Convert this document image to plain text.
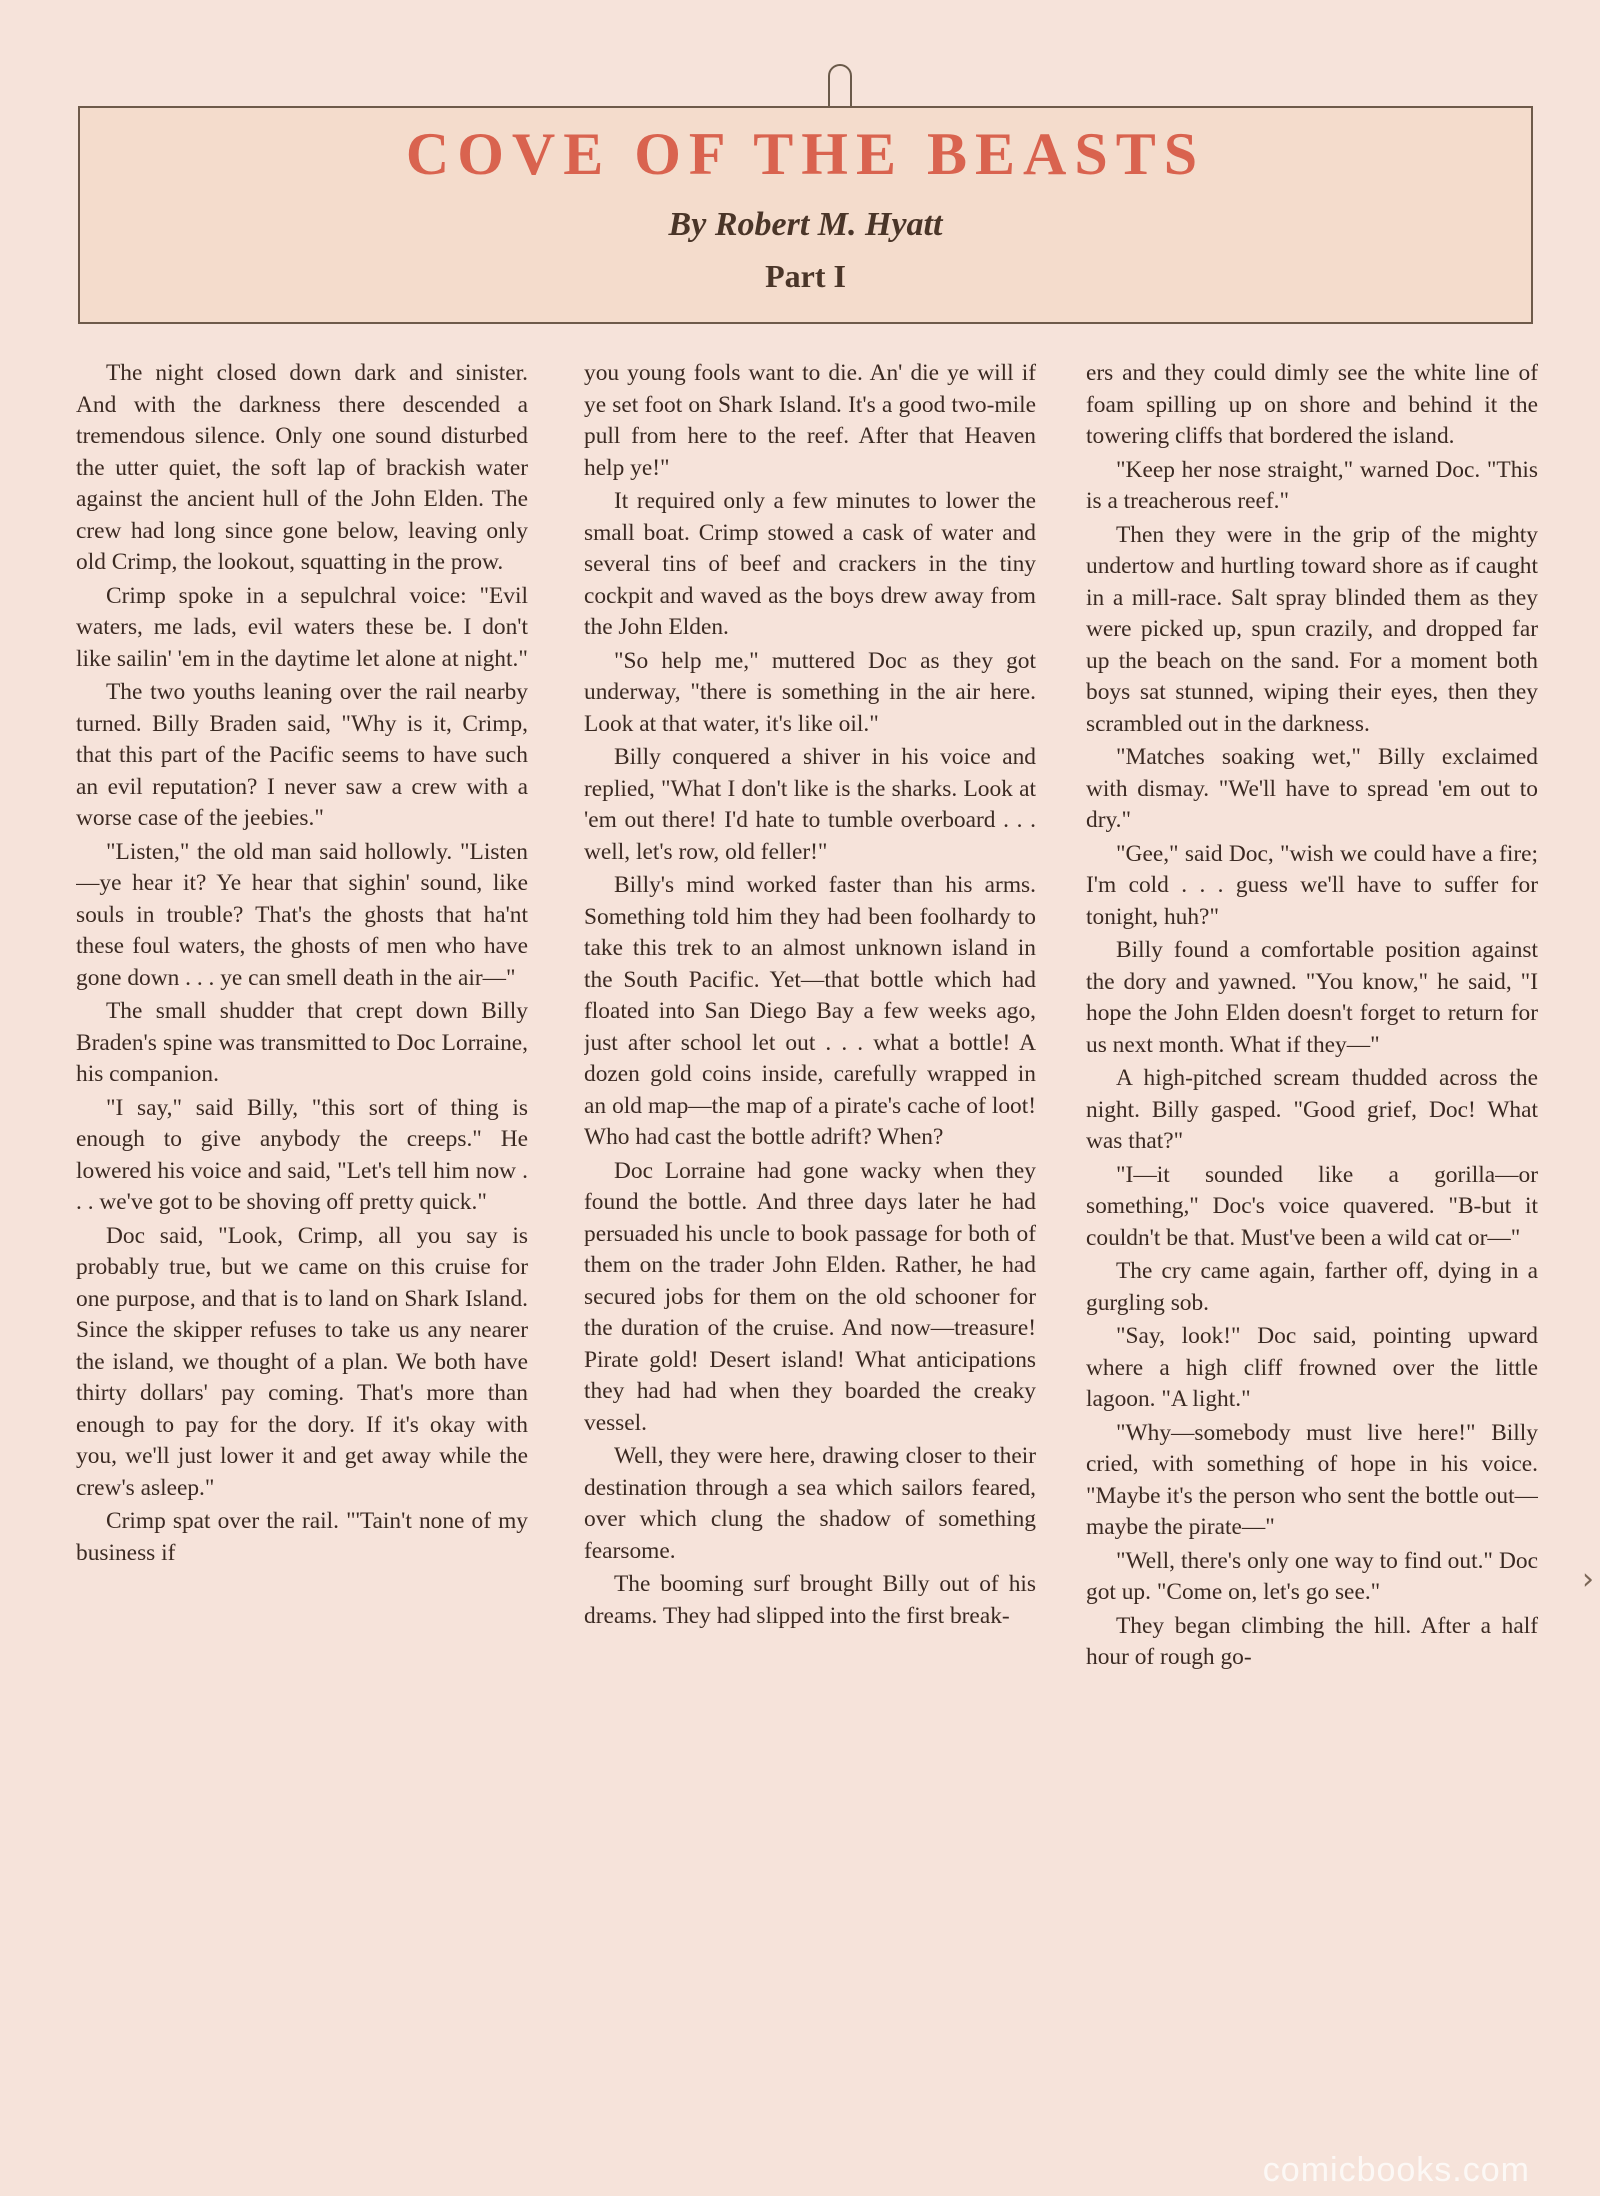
COVE OF THE BEASTS
By Robert M. Hyatt
Part I

The night closed down dark and sinister. And with the darkness there descended a tremendous silence. Only one sound disturbed the utter quiet, the soft lap of brackish water against the ancient hull of the John Elden. The crew had long since gone below, leaving only old Crimp, the lookout, squatting in the prow.

Crimp spoke in a sepulchral voice: "Evil waters, me lads, evil waters these be. I don't like sailin' 'em in the daytime let alone at night."

The two youths leaning over the rail nearby turned. Billy Braden said, "Why is it, Crimp, that this part of the Pacific seems to have such an evil reputation? I never saw a crew with a worse case of the jeebies."

"Listen," the old man said hollowly. "Listen—ye hear it? Ye hear that sighin' sound, like souls in trouble? That's the ghosts that ha'nt these foul waters, the ghosts of men who have gone down . . . ye can smell death in the air—"

The small shudder that crept down Billy Braden's spine was transmitted to Doc Lorraine, his companion.

"I say," said Billy, "this sort of thing is enough to give anybody the creeps." He lowered his voice and said, "Let's tell him now . . . we've got to be shoving off pretty quick."

Doc said, "Look, Crimp, all you say is probably true, but we came on this cruise for one purpose, and that is to land on Shark Island. Since the skipper refuses to take us any nearer the island, we thought of a plan. We both have thirty dollars' pay coming. That's more than enough to pay for the dory. If it's okay with you, we'll just lower it and get away while the crew's asleep."

Crimp spat over the rail. "'Tain't none of my business if

you young fools want to die. An' die ye will if ye set foot on Shark Island. It's a good two-mile pull from here to the reef. After that Heaven help ye!"

It required only a few minutes to lower the small boat. Crimp stowed a cask of water and several tins of beef and crackers in the tiny cockpit and waved as the boys drew away from the John Elden.

"So help me," muttered Doc as they got underway, "there is something in the air here. Look at that water, it's like oil."

Billy conquered a shiver in his voice and replied, "What I don't like is the sharks. Look at 'em out there! I'd hate to tumble overboard . . . well, let's row, old feller!"

Billy's mind worked faster than his arms. Something told him they had been foolhardy to take this trek to an almost unknown island in the South Pacific. Yet—that bottle which had floated into San Diego Bay a few weeks ago, just after school let out . . . what a bottle! A dozen gold coins inside, carefully wrapped in an old map—the map of a pirate's cache of loot! Who had cast the bottle adrift? When?

Doc Lorraine had gone wacky when they found the bottle. And three days later he had persuaded his uncle to book passage for both of them on the trader John Elden. Rather, he had secured jobs for them on the old schooner for the duration of the cruise. And now—treasure! Pirate gold! Desert island! What anticipations they had had when they boarded the creaky vessel.

Well, they were here, drawing closer to their destination through a sea which sailors feared, over which clung the shadow of something fearsome.

The booming surf brought Billy out of his dreams. They had slipped into the first break-

ers and they could dimly see the white line of foam spilling up on shore and behind it the towering cliffs that bordered the island.

"Keep her nose straight," warned Doc. "This is a treacherous reef."

Then they were in the grip of the mighty undertow and hurtling toward shore as if caught in a mill-race. Salt spray blinded them as they were picked up, spun crazily, and dropped far up the beach on the sand. For a moment both boys sat stunned, wiping their eyes, then they scrambled out in the darkness.

"Matches soaking wet," Billy exclaimed with dismay. "We'll have to spread 'em out to dry."

"Gee," said Doc, "wish we could have a fire; I'm cold . . . guess we'll have to suffer for tonight, huh?"

Billy found a comfortable position against the dory and yawned. "You know," he said, "I hope the John Elden doesn't forget to return for us next month. What if they—"

A high-pitched scream thudded across the night. Billy gasped. "Good grief, Doc! What was that?"

"I—it sounded like a gorilla—or something," Doc's voice quavered. "B-but it couldn't be that. Must've been a wild cat or—"

The cry came again, farther off, dying in a gurgling sob.

"Say, look!" Doc said, pointing upward where a high cliff frowned over the little lagoon. "A light."

"Why—somebody must live here!" Billy cried, with something of hope in his voice. "Maybe it's the person who sent the bottle out—maybe the pirate—"

"Well, there's only one way to find out." Doc got up. "Come on, let's go see."

They began climbing the hill. After a half hour of rough go-

›
comicbooks.com
